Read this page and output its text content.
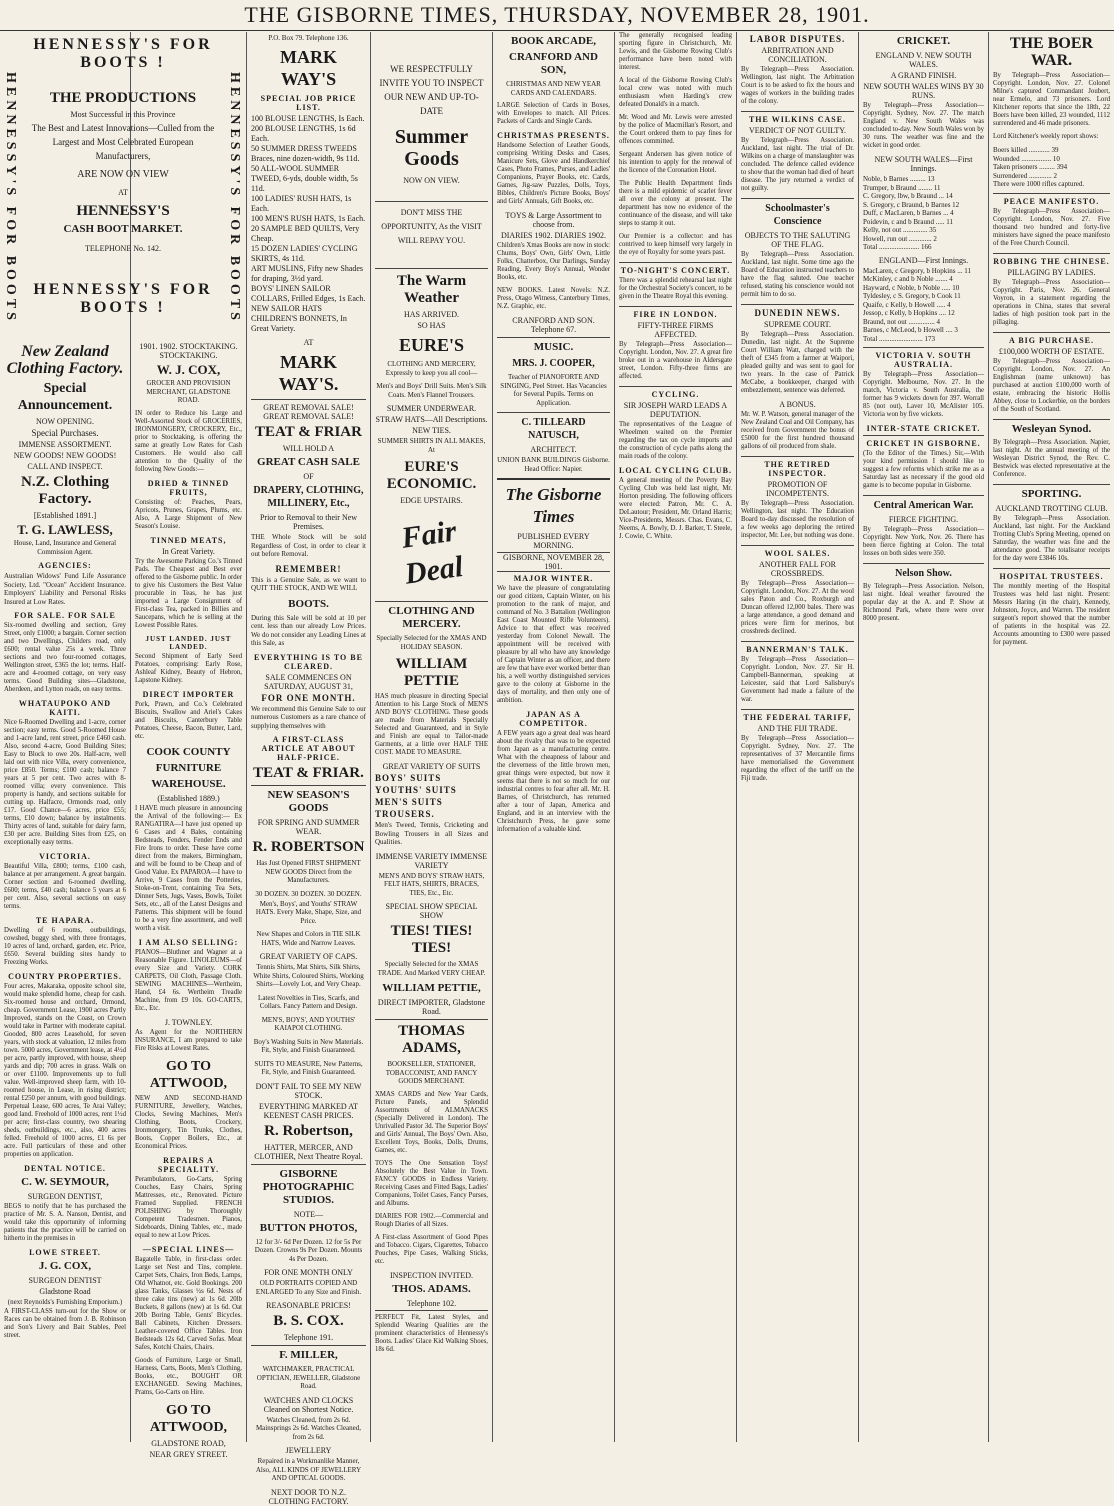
THE GISBORNE TIMES, THURSDAY, NOVEMBER 28, 1901.
HENNESSY'S FOR BOOTS !
HENNESSY'S FOR BOOTS	HENNESSY'S FOR BOOTS
THE PRODUCTIONS
Most Successful in this Province
The Best and Latest Innovations—Culled from the Largest and Most Celebrated European Manufacturers,
ARE NOW ON VIEW
AT
HENNESSY'S
CASH BOOT MARKET.
TELEPHONE No. 142.
HENNESSY'S FOR BOOTS !
New Zealand Clothing Factory.
Special Announcement.
NOW OPENING.
Special Purchases.
IMMENSE ASSORTMENT.
NEW GOODS! NEW GOODS!
CALL AND INSPECT.
N.Z. Clothing Factory.
[Established 1891.]
T. G. LAWLESS,
House, Land, Insurance and General Commission Agent.
AGENCIES:
Australian Widows' Fund Life Assurance Society, Ltd. "Ocean" Accident Insurance. Employers' Liability and Personal Risks Insured at Low Rates.
FOR SALE. FOR SALE
Six-roomed dwelling and section, Grey Street, only £1000; a bargain. Corner section and two Dwellings, Childers road, only £600; rental value 25s a week. Three sections and two four-roomed cottages, Wellington street, £365 the lot; terms. Half-acre and 4-roomed cottage, on very easy terms. Good Building sites—Gladstone, Aberdeen, and Lytton roads, on easy terms.
WHATAUPOKO AND KAITI.
Nice 6-Roomed Dwelling and 1-acre, corner section; easy terms. Good 5-Roomed House and 1-acre land, rent street, price £460 cash. Also, second 4-acre, Good Building Sites; Easy to Block to owe 20s. Half-acre, well laid out with nice Villa, every convenience, price £850. Terms; £100 cash; balance 7 years at 5 per cent. Two acres with 8-roomed villa; every convenience. This property is handy, and sections suitable for cutting up. Halfacre, Ormonds road, only £17. Good Chance—6 acres, price £55; terms, £10 down; balance by instalments. Thirty acres of land, suitable for dairy farm, £30 per acre. Building Sites from £25, on exceptionally easy terms.
VICTORIA.
Beautiful Villa, £800; terms, £100 cash, balance at per arrangement. A great bargain. Corner section and 6-roomed dwelling, £600; terms, £40 cash; balance 5 years at 6 per cent. Also, several sections on easy terms.
TE HAPARA.
Dwelling of 6 rooms, outbuildings, cowshed, buggy shed, with three frontages, 10 acres of land, orchard, garden, etc. Price, £650. Several building sites handy to Freezing Works.
COUNTRY PROPERTIES.
Four acres, Makaraka, opposite school site, would make splendid home, cheap for cash. Six-roomed house and orchard, Ormond, cheap. Government Lease, 1900 acres Partly Improved, stands on the Coast, on Crown would take in Partner with moderate capital. Gooded, 800 acres Leasehold, for seven years, with stock at valuation, 12 miles from town. 5000 acres, Government lease, at 4½d per acre, partly improved, with house, sheep yards and dip; 700 acres in grass. Walk on or over £1100. Improvements up to full value. Well-improved sheep farm, with 10-roomed house, in Lease, in rising district; rental £250 per annum, with good buildings. Perpetual Lease, 600 acres, Te Arai Valley; good land. Freehold of 1000 acres, rent 1½d per acre; first-class country, two shearing sheds, outbuildings, etc., also, 400 acres felled. Freehold of 1000 acres, £1 6s per acre. Full particulars of these and other properties on application.
DENTAL NOTICE.
C. W. SEYMOUR,
SURGEON DENTIST,
BEGS to notify that he has purchased the practice of Mr. S. A. Nanson, Dentist, and would take this opportunity of informing patients that the practice will be carried on hitherto in the premises in
LOWE STREET.
J. G. COX,
SURGEON DENTIST
Gladstone Road
(next Reynolds's Furnishing Emporium.)
A FIRST-CLASS turn-out for the Show or Races can be obtained from J. B. Robinson and Son's Livery and Bait Stables, Peel street.
1901. 1902. STOCKTAKING. STOCKTAKING.
W. J. COX,
GROCER AND PROVISION MERCHANT, GLADSTONE ROAD.
IN order to Reduce his Large and Well-Assorted Stock of GROCERIES, IRONMONGERY, CROCKERY, Etc., prior to Stocktaking, is offering the same at greatly Low Rates for Cash Customers. He would also call attention to the Quality of the following New Goods:—
DRIED & TINNED FRUITS,
Consisting of: Peaches, Pears, Apricots, Prunes, Grapes, Plums, etc. Also, A Large Shipment of New Season's Louise.
TINNED MEATS,
In Great Variety.
Try the Awesome Parking Co.'s Tinned Pads. The Cheapest and Best ever offered to the Gisborne public. In order to give his Customers the Best Value procurable in Teas, he has just imported a Large Consignment of First-class Tea, packed in Billies and Saucepans, which he is selling at the Lowest Possible Rates.
JUST LANDED. JUST LANDED.
Second Shipment of Early Seed Potatoes, comprising: Early Rose, Ashleaf Kidney, Beauty of Hebron, Lapstone Kidney.
DIRECT IMPORTER
Pork, Prawn, and Co.'s Celebrated Biscuits, Swallow and Ariel's Cakes and Biscuits, Canterbury Table Potatoes, Cheese, Bacon, Butter, Lard, etc.
COOK COUNTY
FURNITURE
WAREHOUSE.
(Established 1889.)
I HAVE much pleasure in announcing the Arrival of the following:— Ex RANGATIRA—I have just opened up 6 Cases and 4 Bales, containing Bedsteads, Fenders, Fender Ends and Fire Irons to order. These have come direct from the makers, Birmingham, and will be found to be Cheap and of Good Value. Ex PAPAROA—I have to Arrive, 9 Cases from the Potteries, Stoke-on-Trent, containing Tea Sets, Dinner Sets, Jugs, Vases, Bowls, Toilet Sets, etc., all of the Latest Designs and Patterns. This shipment will be found to be a very fine assortment, and well worth a visit.
I AM ALSO SELLING:
PIANOS—Bluthner and Wagner at a Reasonable Figure. LINOLEUMS—of every Size and Variety. CORK CARPETS, Oil Cloth, Passage Cloth. SEWING MACHINES—Wertheim, Hand, £4 6s. Wertheim Treadle Machine, from £9 10s. GO-CARTS, Etc., Etc.
J. TOWNLEY.
As Agent for the NORTHERN INSURANCE, I am prepared to take Fire Risks at Lowest Rates.
GO TO ATTWOOD,
NEW AND SECOND-HAND FURNITURE, Jewellery, Watches, Clocks, Sewing Machines, Men's Clothing, Boots, Crockery, Ironmongery, Tin Trunks, Clothes, Boots, Copper Boilers, Etc., at Economical Prices.
REPAIRS A SPECIALITY.
Perambulators, Go-Carts, Spring Couches, Easy Chairs, Spring Mattresses, etc., Renovated. Picture Framed Supplied. FRENCH POLISHING by Thoroughly Competent Tradesmen. Pianos, Sideboards, Dining Tables, etc., made equal to new at Low Prices.
—SPECIAL LINES—
Bagatelle Table, in first-class order. Large set Nest and Tins, complete. Carpet Sets, Chairs, Iron Beds, Lamps, Old Whatnot, etc. Gold Bookings. 200 glass Tanks, Glasses ½s 6d. Nests of three cake tins (new) at 1s 6d. 20lb Buckets, 8 gallons (new) at 1s 6d. Oat 20lb Boring Table, Gents' Bicycles. Ball Cabinets, Kitchen Dressers. Leather-covered Office Tables. Iron Bedsteads 12s 6d, Carved Sofas. Meat Safes, Kotchi Chairs, Chairs.
Goods of Furniture, Large or Small, Harness, Carts, Boots, Men's Clothing, Books, etc., BOUGHT OR EXCHANGED. Sewing Machines, Prams, Go-Carts on Hire.
GO TO ATTWOOD,
GLADSTONE ROAD,
NEAR GREY STREET.
P.O. Box 79. Telephone 136.
MARK WAY'S
SPECIAL JOB PRICE LIST.
100 BLOUSE LENGTHS, Is Each.
200 BLOUSE LENGTHS, 1s 6d Each.
50 SUMMER DRESS TWEEDS Braces, nine dozen-width, 9s 11d.
50 ALL-WOOL SUMMER TWEED, 6-yds, double width, 5s 11d.
100 LADIES' RUSH HATS, 1s Each.
100 MEN'S RUSH HATS, 1s Each.
20 SAMPLE BED QUILTS, Very Cheap.
15 DOZEN LADIES' CYCLING SKIRTS, 4s 11d.
ART MUSLINS, Fifty new Shades for draping, 3½d yard.
BOYS' LINEN SAILOR COLLARS, Frilled Edges, 1s Each.
NEW SAILOR HATS
CHILDREN'S BONNETS, In Great Variety.
AT
MARK WAY'S.
GREAT REMOVAL SALE! GREAT REMOVAL SALE!
TEAT & FRIAR
WILL HOLD A
GREAT CASH SALE
OF
DRAPERY, CLOTHING, MILLINERY, Etc.,
Prior to Removal to their New Premises.
THE Whole Stock will be sold Regardless of Cost, in order to clear it out before Removal.
REMEMBER!
This is a Genuine Sale, as we want to QUIT THE STOCK, AND WE WILL
BOOTS.
During this Sale will be sold at 10 per cent. less than our already Low Prices. We do not consider any Leading Lines at this Sale, as
EVERYTHING IS TO BE CLEARED.
SALE COMMENCES ON SATURDAY, AUGUST 31,
FOR ONE MONTH.
We recommend this Genuine Sale to our numerous Customers as a rare chance of supplying themselves with
A FIRST-CLASS ARTICLE AT ABOUT HALF-PRICE.
TEAT & FRIAR.
NEW SEASON'S GOODS
FOR SPRING AND SUMMER WEAR.
R. ROBERTSON
Has Just Opened FIRST SHIPMENT NEW GOODS Direct from the Manufacturers.
30 DOZEN. 30 DOZEN. 30 DOZEN.
Men's, Boys', and Youths' STRAW HATS. Every Make, Shape, Size, and Price.
New Shapes and Colors in TIE SILK HATS, Wide and Narrow Leaves.
GREAT VARIETY OF CAPS.
Tennis Shirts, Mat Shirts, Silk Shirts, White Shirts, Coloured Shirts, Working Shirts—Lovely Lot, and Very Cheap.
Latest Novelties in Ties, Scarfs, and Collars. Fancy Pattern and Design.
MEN'S, BOYS', AND YOUTHS' KAIAPOI CLOTHING.
Boy's Washing Suits in New Materials. Fit, Style, and Finish Guaranteed.
SUITS TO MEASURE, New Patterns, Fit, Style, and Finish Guaranteed.
DON'T FAIL TO SEE MY NEW STOCK.
EVERYTHING MARKED AT KEENEST CASH PRICES.
R. Robertson,
HATTER, MERCER, AND CLOTHIER, Next Theatre Royal.
GISBORNE PHOTOGRAPHIC STUDIOS.
NOTE—
BUTTON PHOTOS,
12 for 3/- 6d Per Dozen. 12 for 5s Per Dozen. Crowns 9s Per Dozen. Mounts 4s Per Dozen.
FOR ONE MONTH ONLY
OLD PORTRAITS COPIED AND ENLARGED To any Size and Finish.
REASONABLE PRICES!
B. S. COX.
Telephone 191.
F. MILLER,
WATCHMAKER, PRACTICAL OPTICIAN, JEWELLER, Gladstone Road.
WATCHES AND CLOCKS Cleaned on Shortest Notice.
Watches Cleaned, from 2s 6d. Mainsprings 2s 6d. Watches Cleaned, from 2s 6d.
JEWELLERY
Repaired in a Workmanlike Manner, Also, ALL KINDS OF JEWELLERY AND OPTICAL GOODS.
NEXT DOOR TO N.Z. CLOTHING FACTORY.
WE RESPECTFULLY INVITE YOU TO INSPECT OUR NEW AND UP-TO-DATE
Summer Goods
NOW ON VIEW.
DON'T MISS THE OPPORTUNITY, As the VISIT WILL REPAY YOU.
The Warm Weather
HAS ARRIVED.
SO HAS
EURE'S
CLOTHING AND MERCERY, Expressly to keep you all cool—
Men's and Boys' Drill Suits. Men's Silk Coats. Men's Flannel Trousers.
SUMMER UNDERWEAR.
STRAW HATS—All Descriptions.
NEW TIES.
SUMMER SHIRTS IN ALL MAKES, At
EURE'S ECONOMIC.
EDGE UPSTAIRS.
Fair Deal
CLOTHING AND MERCERY.
Specially Selected for the XMAS AND HOLIDAY SEASON.
WILLIAM PETTIE
HAS much pleasure in directing Special Attention to his Large Stock of MEN'S AND BOYS' CLOTHING. These goods are made from Materials Specially Selected and Guaranteed, and in Style and Finish are equal to Tailor-made Garments, at a little over HALF THE COST. MADE TO MEASURE.
GREAT VARIETY OF SUITS
BOYS' SUITS
YOUTHS' SUITS
MEN'S SUITS
TROUSERS.
Men's Tweed, Tennis, Cricketing and Bowling Trousers in all Sizes and Qualities.
IMMENSE VARIETY IMMENSE VARIETY
MEN'S AND BOYS' STRAW HATS, FELT HATS, SHIRTS, BRACES, TIES, Etc., Etc.
SPECIAL SHOW SPECIAL SHOW
TIES! TIES! TIES!
Specially Selected for the XMAS TRADE. And Marked VERY CHEAP.
WILLIAM PETTIE,
DIRECT IMPORTER, Gladstone Road.
THOMAS ADAMS,
BOOKSELLER, STATIONER, TOBACCONIST, AND FANCY GOODS MERCHANT.
XMAS CARDS and New Year Cards, Picture Panels, and Splendid Assortments of ALMANACKS (Specially Delivered in London). The Unrivalled Pastor 3d. The Superior Boys' and Girls' Annual, The Boys' Own. Also, Excellent Toys, Books, Dolls, Drums, Games, etc.
TOYS The One Sensation Toys! Absolutely the Best Value in Town. FANCY GOODS in Endless Variety. Receiving Cases and Fitted Bags, Ladies' Companions, Toilet Cases, Fancy Purses, and Albums.
DIARIES FOR 1902.—Commercial and Rough Diaries of all Sizes.
A First-class Assortment of Good Pipes and Tobacco. Cigars, Cigarettes, Tobacco Pouches, Pipe Cases, Walking Sticks, etc.
INSPECTION INVITED.
THOS. ADAMS.
Telephone 102.
PERFECT Fit, Latest Styles, and Splendid Wearing Qualities are the prominent characteristics of Hennessy's Boots. Ladies' Glace Kid Walking Shoes, 18s 6d.
BOOK ARCADE,
CRANFORD AND SON,
CHRISTMAS AND NEW YEAR CARDS AND CALENDARS.
LARGE Selection of Cards in Boxes, with Envelopes to match. All Prices. Packets of Cards and Single Cards.
CHRISTMAS PRESENTS.
Handsome Selection of Leather Goods, comprising Writing Desks and Cases, Manicure Sets, Glove and Handkerchief Cases, Photo Frames, Purses, and Ladies' Companions, Prayer Books, etc. Cards, Games, Jig-saw Puzzles, Dolls, Toys, Bibles, Children's Picture Books, Boys' and Girls' Annuals, Gift Books, etc.
TOYS & Large Assortment to choose from.
DIARIES 1902. DIARIES 1902.
Children's Xmas Books are now in stock: Chums, Boys' Own, Girls' Own, Little Folks, Chatterbox, Our Darlings, Sunday Reading, Every Boy's Annual, Wonder Books, etc.
NEW BOOKS. Latest Novels: N.Z. Press, Otago Witness, Canterbury Times, N.Z. Graphic, etc.
CRANFORD AND SON. Telephone 67.
MUSIC.
MRS. J. COOPER,
Teacher of PIANOFORTE AND SINGING, Peel Street. Has Vacancies for Several Pupils. Terms on Application.
C. TILLEARD NATUSCH,
ARCHITECT.
UNION BANK BUILDINGS Gisborne. Head Office: Napier.
The Gisborne Times
PUBLISHED EVERY MORNING.
GISBORNE, NOVEMBER 28, 1901.
MAJOR WINTER.
We have the pleasure of congratulating our good citizen, Captain Winter, on his promotion to the rank of major, and command of No. 3 Battalion (Wellington East Coast Mounted Rifle Volunteers). Advice to that effect was received yesterday from Colonel Newall. The appointment will be received with pleasure by all who have any knowledge of Captain Winter as an officer, and there are few that have ever worked better than his, a well worthy distinguished services gave to the colony at Gisborne in the days of mortality, and then only one of ambition.
JAPAN AS A COMPETITOR.
A FEW years ago a great deal was heard about the rivalry that was to be expected from Japan as a manufacturing centre. What with the cheapness of labour and the cleverness of the little brown men, great things were expected, but now it seems that there is not so much for our industrial centres to fear after all. Mr. H. Barnes, of Christchurch, has returned after a tour of Japan, America and England, and in an interview with the Christchurch Press, he gave some information of a valuable kind.
The generally recognised leading sporting figure in Christchurch, Mr. Lewis, and the Gisborne Rowing Club's performance have been noted with interest.
A local of the Gisborne Rowing Club's local crew was noted with much enthusiasm when Harding's crew defeated Donald's in a match.
Mr. Wood and Mr. Lewis were arrested by the police of Macmillan's Resort, and the Court ordered them to pay fines for offences committed.
Sergeant Andersen has given notice of his intention to apply for the renewal of the licence of the Coronation Hotel.
The Public Health Department finds there is a mild epidemic of scarlet fever all over the colony at present. The department has now no evidence of the continuance of the disease, and will take steps to stamp it out.
Our Premier is a collector: and has contrived to keep himself very largely in the eye of Royalty for some years past.
TO-NIGHT'S CONCERT.
There was a splendid rehearsal last night for the Orchestral Society's concert, to be given in the Theatre Royal this evening.
FIRE IN LONDON.
FIFTY-THREE FIRMS AFFECTED.
By Telegraph—Press Association—Copyright. London, Nov. 27. A great fire broke out in a warehouse in Aldersgate street, London. Fifty-three firms are affected.
CYCLING.
SIR JOSEPH WARD LEADS A DEPUTATION.
The representatives of the League of Wheelmen waited on the Premier regarding the tax on cycle imports and the construction of cycle paths along the main roads of the colony.
LOCAL CYCLING CLUB.
A general meeting of the Poverty Bay Cycling Club was held last night, Mr. Horton presiding. The following officers were elected: Patron, Mr. C. A. DeLautour; President, Mr. Orland Harris; Vice-Presidents, Messrs. Chas. Evans, C. Neems, A. Bowly, D. J. Barker, T. Steele, J. Cowie, C. White.
LABOR DISPUTES.
ARBITRATION AND CONCILIATION.
By Telegraph—Press Association. Wellington, last night. The Arbitration Court is to be asked to fix the hours and wages of workers in the building trades of the colony.
THE WILKINS CASE.
VERDICT OF NOT GUILTY.
By Telegraph—Press Association. Auckland, last night. The trial of Dr. Wilkins on a charge of manslaughter was concluded. The defence called evidence to show that the woman had died of heart disease. The jury returned a verdict of not guilty.
Schoolmaster's Conscience
OBJECTS TO THE SALUTING OF THE FLAG.
By Telegraph—Press Association. Auckland, last night. Some time ago the Board of Education instructed teachers to have the flag saluted. One teacher refused, stating his conscience would not permit him to do so.
DUNEDIN NEWS.
SUPREME COURT.
By Telegraph—Press Association. Dunedin, last night. At the Supreme Court William Watt, charged with the theft of £345 from a farmer at Waipori, pleaded guilty and was sent to gaol for two years. In the case of Patrick McCabe, a bookkeeper, charged with embezzlement, sentence was deferred.
A BONUS.
Mr. W. P. Watson, general manager of the New Zealand Coal and Oil Company, has received from Government the bonus of £5000 for the first hundred thousand gallons of oil produced from shale.
THE RETIRED INSPECTOR.
PROMOTION OF INCOMPETENTS.
By Telegraph—Press Association. Wellington, last night. The Education Board to-day discussed the resolution of a few weeks ago deploring the retired inspector, Mr. Lee, but nothing was done.
WOOL SALES.
ANOTHER FALL FOR CROSSBREDS.
By Telegraph—Press Association—Copyright. London, Nov. 27. At the wool sales Paton and Co., Roxburgh and Duncan offered 12,000 bales. There was a large attendance, a good demand and prices were firm for merinos, but crossbreds declined.
BANNERMAN'S TALK.
By Telegraph—Press Association—Copyright. London, Nov. 27. Sir H. Campbell-Bannerman, speaking at Leicester, said that Lord Salisbury's Government had made a failure of the war.
THE FEDERAL TARIFF,
AND THE FIJI TRADE.
By Telegraph—Press Association—Copyright. Sydney, Nov. 27. The representatives of 37 Mercantile firms have memorialised the Government regarding the effect of the tariff on the Fiji trade.
CRICKET.
ENGLAND V. NEW SOUTH WALES.
A GRAND FINISH.
NEW SOUTH WALES WINS BY 30 RUNS.
By Telegraph—Press Association—Copyright. Sydney, Nov. 27. The match England v. New South Wales was concluded to-day. New South Wales won by 30 runs. The weather was fine and the wicket in good order.
NEW SOUTH WALES—First Innings.
Noble, b Barnes ......... 13
Trumper, b Braund ........ 11
C. Gregory, lbw, b Braund ... 14
S. Gregory, c Braund, b Barnes 12
Duff, c MacLaren, b Barnes ... 4
Poidevin, c and b Braund ..... 11
Kelly, not out .............. 35
Howell, run out ............. 2
Total ....................... 166
ENGLAND—First Innings.
MacLaren, c Gregory, b Hopkins ... 11
McKinley, c and b Noble ....... 4
Hayward, c Noble, b Noble ..... 10
Tyldesley, c S. Gregory, b Cook 11
Quaife, c Kelly, b Howell ..... 4
Jessop, c Kelly, b Hopkins .... 12
Braund, not out ............... 4
Barnes, c McLeod, b Howell .... 3
Total ......................... 173
VICTORIA V. SOUTH AUSTRALIA.
By Telegraph—Press Association—Copyright. Melbourne, Nov. 27. In the match, Victoria v. South Australia, the former has 9 wickets down for 397. Worrall 85 (not out), Laver 10, McAlister 105. Victoria won by five wickets.
INTER-STATE CRICKET.
CRICKET IN GISBORNE.
(To the Editor of the Times.) Sir,—With your kind permission I should like to suggest a few reforms which strike me as a Saturday last as necessary if the good old game is to become popular in Gisborne.
Central American War.
FIERCE FIGHTING.
By Telegraph—Press Association—Copyright. New York, Nov. 26. There has been fierce fighting at Colon. The total losses on both sides were 350.
Nelson Show.
By Telegraph—Press Association. Nelson, last night. Ideal weather favoured the popular day at the A. and P. Show at Richmond Park, where there were over 8000 present.
THE BOER WAR.
By Telegraph—Press Association—Copyright. London, Nov. 27. Colonel Milne's captured Commandant Joubert, near Ermelo, and 73 prisoners. Lord Kitchener reports that since the 18th, 22 Boers have been killed, 23 wounded, 1112 surrendered and 46 made prisoners.
Lord Kitchener's weekly report shows:
Boers killed ............ 39
Wounded ................. 10
Taken prisoners ......... 394
Surrendered ............. 2
There were 1000 rifles captured.
PEACE MANIFESTO.
By Telegraph—Press Association—Copyright. London, Nov. 27. Five thousand two hundred and forty-five ministers have signed the peace manifesto of the Free Church Council.
ROBBING THE CHINESE.
PILLAGING BY LADIES.
By Telegraph—Press Association—Copyright. Paris, Nov. 26. General Voyron, in a statement regarding the operations in China, states that several ladies of high position took part in the pillaging.
A BIG PURCHASE.
£100,000 WORTH OF ESTATE.
By Telegraph—Press Association—Copyright. London, Nov. 27. An Englishman (name unknown) has purchased at auction £100,000 worth of estate, embracing the historic Hollis Abbey, close to Lockerbie, on the borders of the South of Scotland.
Wesleyan Synod.
By Telegraph—Press Association. Napier, last night. At the annual meeting of the Wesleyan District Synod, the Rev. C. Bestwick was elected representative at the Conference.
SPORTING.
AUCKLAND TROTTING CLUB.
By Telegraph—Press Association. Auckland, last night. For the Auckland Trotting Club's Spring Meeting, opened on Saturday, the weather was fine and the attendance good. The totalisator receipts for the day were £3846 10s.
HOSPITAL TRUSTEES.
The monthly meeting of the Hospital Trustees was held last night. Present: Messrs Haring (in the chair), Kennedy, Johnston, Joyce, and Warren. The resident surgeon's report showed that the number of patients in the hospital was 22. Accounts amounting to £300 were passed for payment.
